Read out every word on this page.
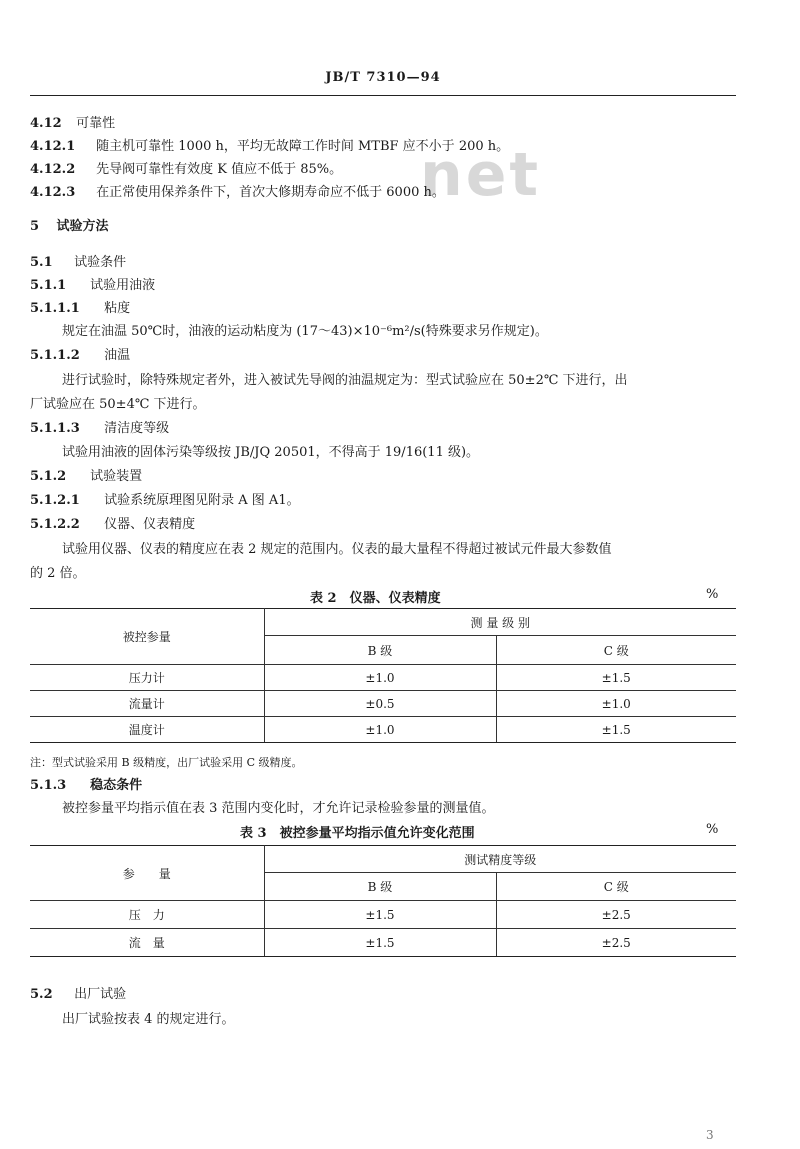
JB/T 7310—94
net
4.12 可靠性
4.12.1 随主机可靠性 1000 h，平均无故障工作时间 MTBF 应不小于 200 h。
4.12.2 先导阀可靠性有效度 K 值应不低于 85%。
4.12.3 在正常使用保养条件下，首次大修期寿命应不低于 6000 h。
5 试验方法
5.1 试验条件
5.1.1 试验用油液
5.1.1.1 粘度
规定在油温 50℃时，油液的运动粘度为 (17～43)×10⁻⁶m²/s(特殊要求另作规定)。
5.1.1.2 油温
进行试验时，除特殊规定者外，进入被试先导阀的油温规定为：型式试验应在 50±2℃ 下进行，出
厂试验应在 50±4℃ 下进行。
5.1.1.3 清洁度等级
试验用油液的固体污染等级按 JB/JQ 20501，不得高于 19/16(11 级)。
5.1.2 试验装置
5.1.2.1 试验系统原理图见附录 A 图 A1。
5.1.2.2 仪器、仪表精度
试验用仪器、仪表的精度应在表 2 规定的范围内。仪表的最大量程不得超过被试元件最大参数值
的 2 倍。
表 2　仪器、仪表精度	%
被控参量	测 量 级 别	
	B 级	C 级
压力计	±1.0	±1.5
流量计	±0.5	±1.0
温度计	±1.0	±1.5
注：型式试验采用 B 级精度，出厂试验采用 C 级精度。
5.1.3 稳态条件
被控参量平均指示值在表 3 范围内变化时，才允许记录检验参量的测量值。
表 3　被控参量平均指示值允许变化范围	%
参　　量	测试精度等级	
	B 级	C 级
压　力	±1.5	±2.5
流　量	±1.5	±2.5
5.2 出厂试验
出厂试验按表 4 的规定进行。
3
